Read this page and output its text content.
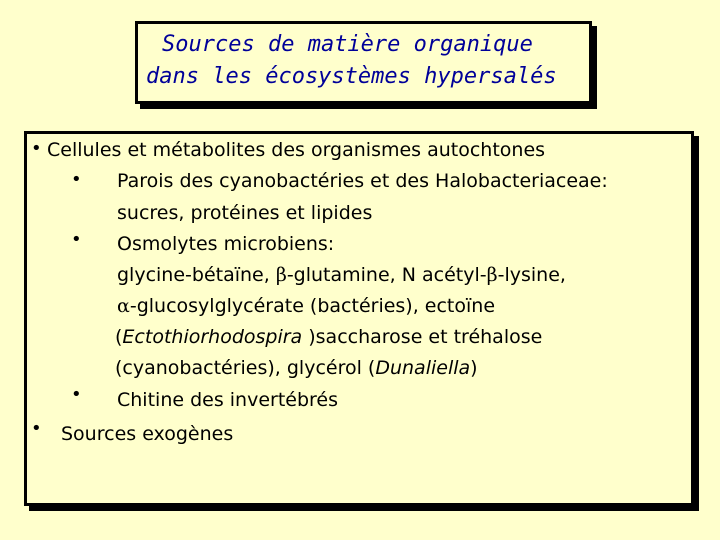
Sources de matière organique
dans les écosystèmes hypersalés
• Cellules et métabolites des organismes autochtones
• Parois des cyanobactéries et des Halobacteriaceae:
sucres, protéines et lipides
• Osmolytes microbiens:
glycine-bétaïne, β-glutamine, N acétyl-β-lysine,
α-glucosylglycérate (bactéries), ectoïne
(Ectothiorhodospira )saccharose et tréhalose
(cyanobactéries), glycérol (Dunaliella)
• Chitine des invertébrés
• Sources exogènes
